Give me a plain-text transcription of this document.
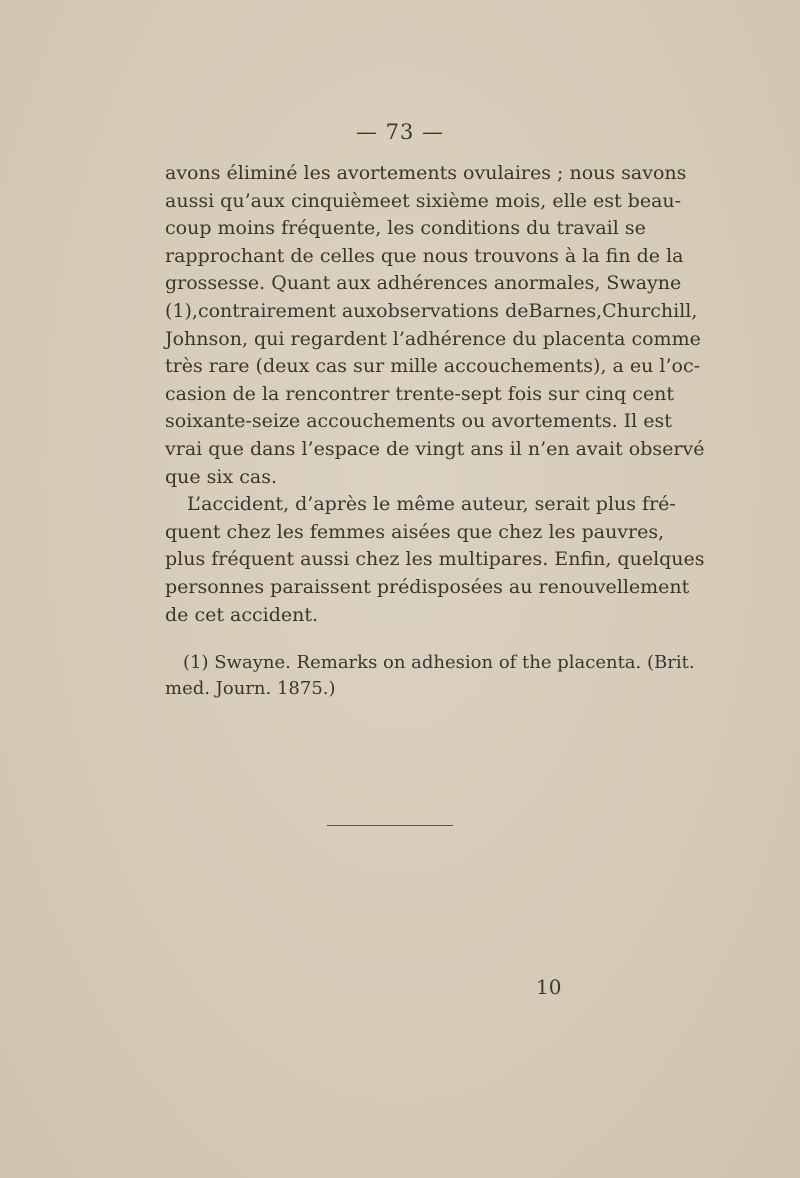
— 73 —
avons éliminé les avortements ovulaires ; nous savons
aussi qu’aux cinquièmeet sixième mois, elle est beau-
coup moins fréquente, les conditions du travail se
rapprochant de celles que nous trouvons à la fin de la
grossesse. Quant aux adhérences anormales, Swayne
(1),contrairement auxobservations deBarnes,Churchill,
Johnson, qui regardent l’adhérence du placenta comme
très rare (deux cas sur mille accouchements), a eu l’oc-
casion de la rencontrer trente-sept fois sur cinq cent
soixante-seize accouchements ou avortements. Il est
vrai que dans l’espace de vingt ans il n’en avait observé
que six cas.
L’accident, d’après le même auteur, serait plus fré-
quent chez les femmes aisées que chez les pauvres,
plus fréquent aussi chez les multipares. Enfin, quelques
personnes paraissent prédisposées au renouvellement
de cet accident.
(1) Swayne. Remarks on adhesion of the placenta. (Brit.
med. Journ. 1875.)
10
